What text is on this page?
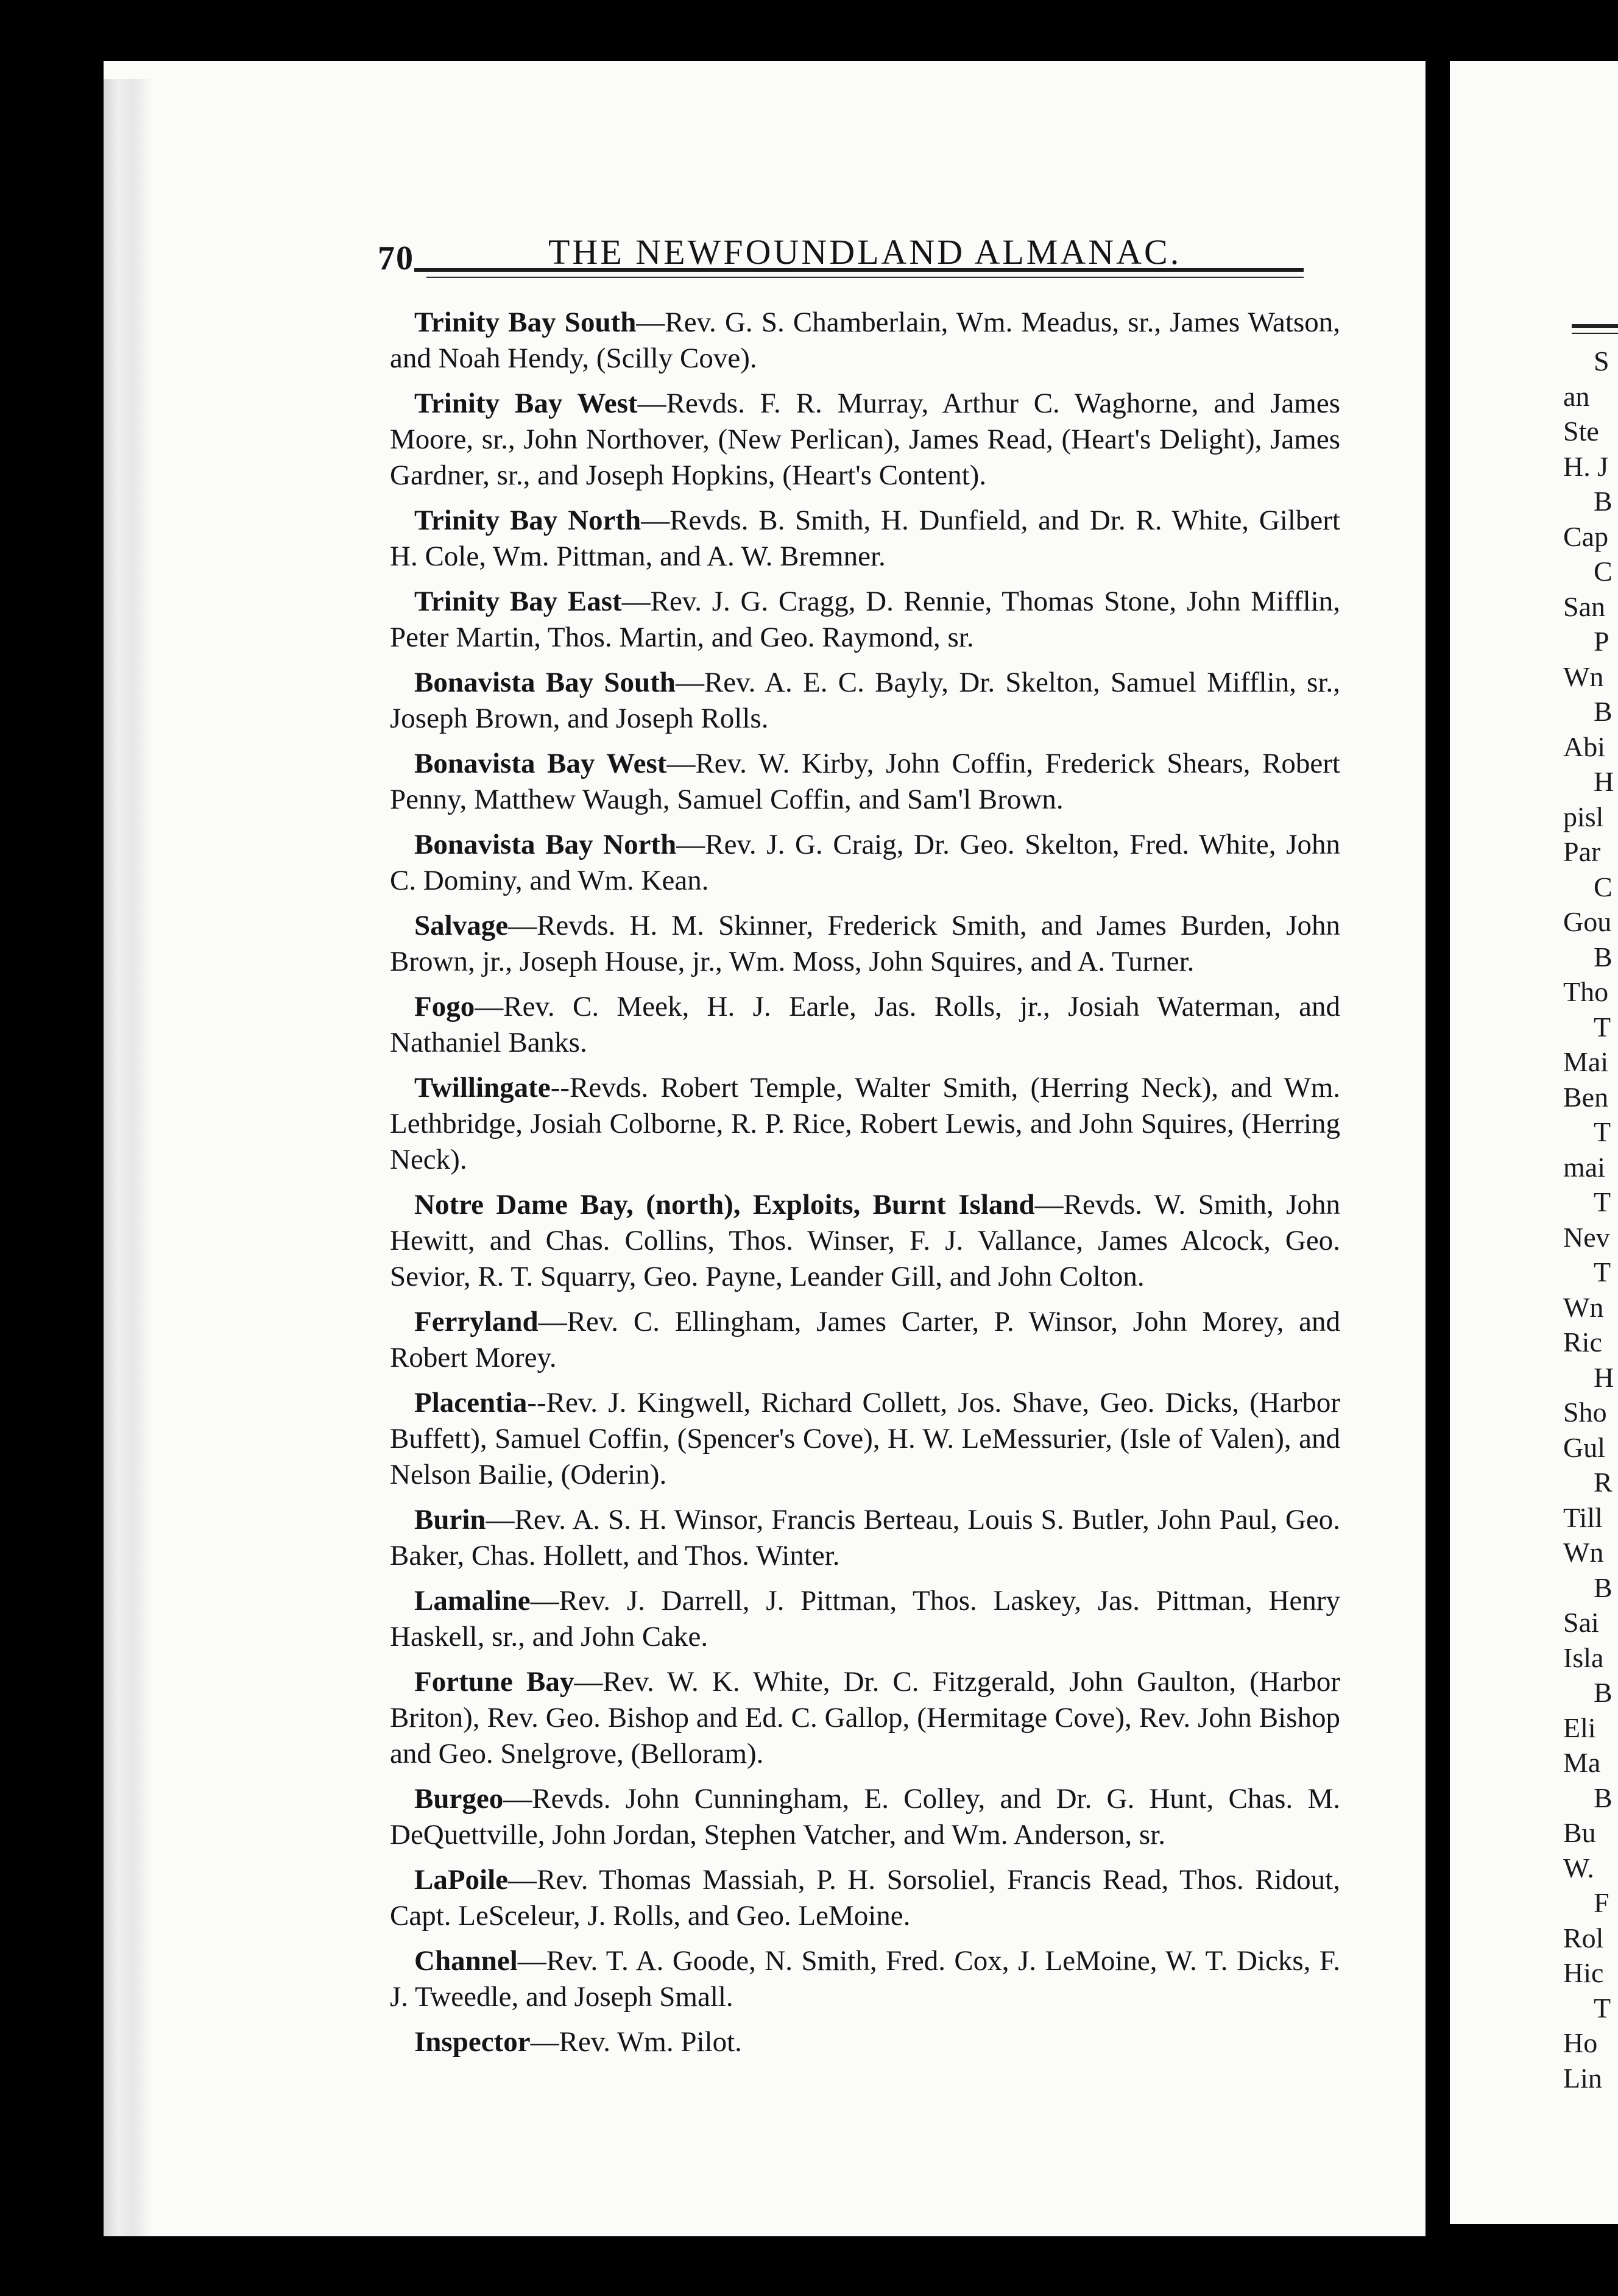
S
an
Ste
H. J
B
Cap
C
San
P
Wn
B
Abi
H
pisl
Par
C
Gou
B
Tho
T
Mai
Ben
T
mai
T
Nev
T
Wn
Ric
H
Sho
Gul
R
Till
Wn
B
Sai
Isla
B
Eli
Ma
B
Bu
W.
F
Rol
Hic
T
Ho
Lin
70	THE NEWFOUNDLAND ALMANAC.

Trinity Bay South—Rev. G. S. Chamberlain, Wm. Meadus, sr., James Watson, and Noah Hendy, (Scilly Cove).

Trinity Bay West—Revds. F. R. Murray, Arthur C. Waghorne, and James Moore, sr., John Northover, (New Perlican), James Read, (Heart's Delight), James Gardner, sr., and Joseph Hopkins, (Heart's Content).

Trinity Bay North—Revds. B. Smith, H. Dunfield, and Dr. R. White, Gilbert H. Cole, Wm. Pittman, and A. W. Bremner.

Trinity Bay East—Rev. J. G. Cragg, D. Rennie, Thomas Stone, John Mifflin, Peter Martin, Thos. Martin, and Geo. Raymond, sr.

Bonavista Bay South—Rev. A. E. C. Bayly, Dr. Skelton, Samuel Mifflin, sr., Joseph Brown, and Joseph Rolls.

Bonavista Bay West—Rev. W. Kirby, John Coffin, Frederick Shears, Robert Penny, Matthew Waugh, Samuel Coffin, and Sam'l Brown.

Bonavista Bay North—Rev. J. G. Craig, Dr. Geo. Skelton, Fred. White, John C. Dominy, and Wm. Kean.

Salvage—Revds. H. M. Skinner, Frederick Smith, and James Burden, John Brown, jr., Joseph House, jr., Wm. Moss, John Squires, and A. Turner.

Fogo—Rev. C. Meek, H. J. Earle, Jas. Rolls, jr., Josiah Waterman, and Nathaniel Banks.

Twillingate--Revds. Robert Temple, Walter Smith, (Herring Neck), and Wm. Lethbridge, Josiah Colborne, R. P. Rice, Robert Lewis, and John Squires, (Herring Neck).

Notre Dame Bay, (north), Exploits, Burnt Island—Revds. W. Smith, John Hewitt, and Chas. Collins, Thos. Winser, F. J. Vallance, James Alcock, Geo. Sevior, R. T. Squarry, Geo. Payne, Leander Gill, and John Colton.

Ferryland—Rev. C. Ellingham, James Carter, P. Winsor, John Morey, and Robert Morey.

Placentia--Rev. J. Kingwell, Richard Collett, Jos. Shave, Geo. Dicks, (Harbor Buffett), Samuel Coffin, (Spencer's Cove), H. W. LeMessurier, (Isle of Valen), and Nelson Bailie, (Oderin).

Burin—Rev. A. S. H. Winsor, Francis Berteau, Louis S. Butler, John Paul, Geo. Baker, Chas. Hollett, and Thos. Winter.

Lamaline—Rev. J. Darrell, J. Pittman, Thos. Laskey, Jas. Pittman, Henry Haskell, sr., and John Cake.

Fortune Bay—Rev. W. K. White, Dr. C. Fitzgerald, John Gaulton, (Harbor Briton), Rev. Geo. Bishop and Ed. C. Gallop, (Hermitage Cove), Rev. John Bishop and Geo. Snelgrove, (Belloram).

Burgeo—Revds. John Cunningham, E. Colley, and Dr. G. Hunt, Chas. M. DeQuettville, John Jordan, Stephen Vatcher, and Wm. Anderson, sr.

LaPoile—Rev. Thomas Massiah, P. H. Sorsoliel, Francis Read, Thos. Ridout, Capt. LeSceleur, J. Rolls, and Geo. LeMoine.

Channel—Rev. T. A. Goode, N. Smith, Fred. Cox, J. LeMoine, W. T. Dicks, F. J. Tweedle, and Joseph Small.

Inspector—Rev. Wm. Pilot.
